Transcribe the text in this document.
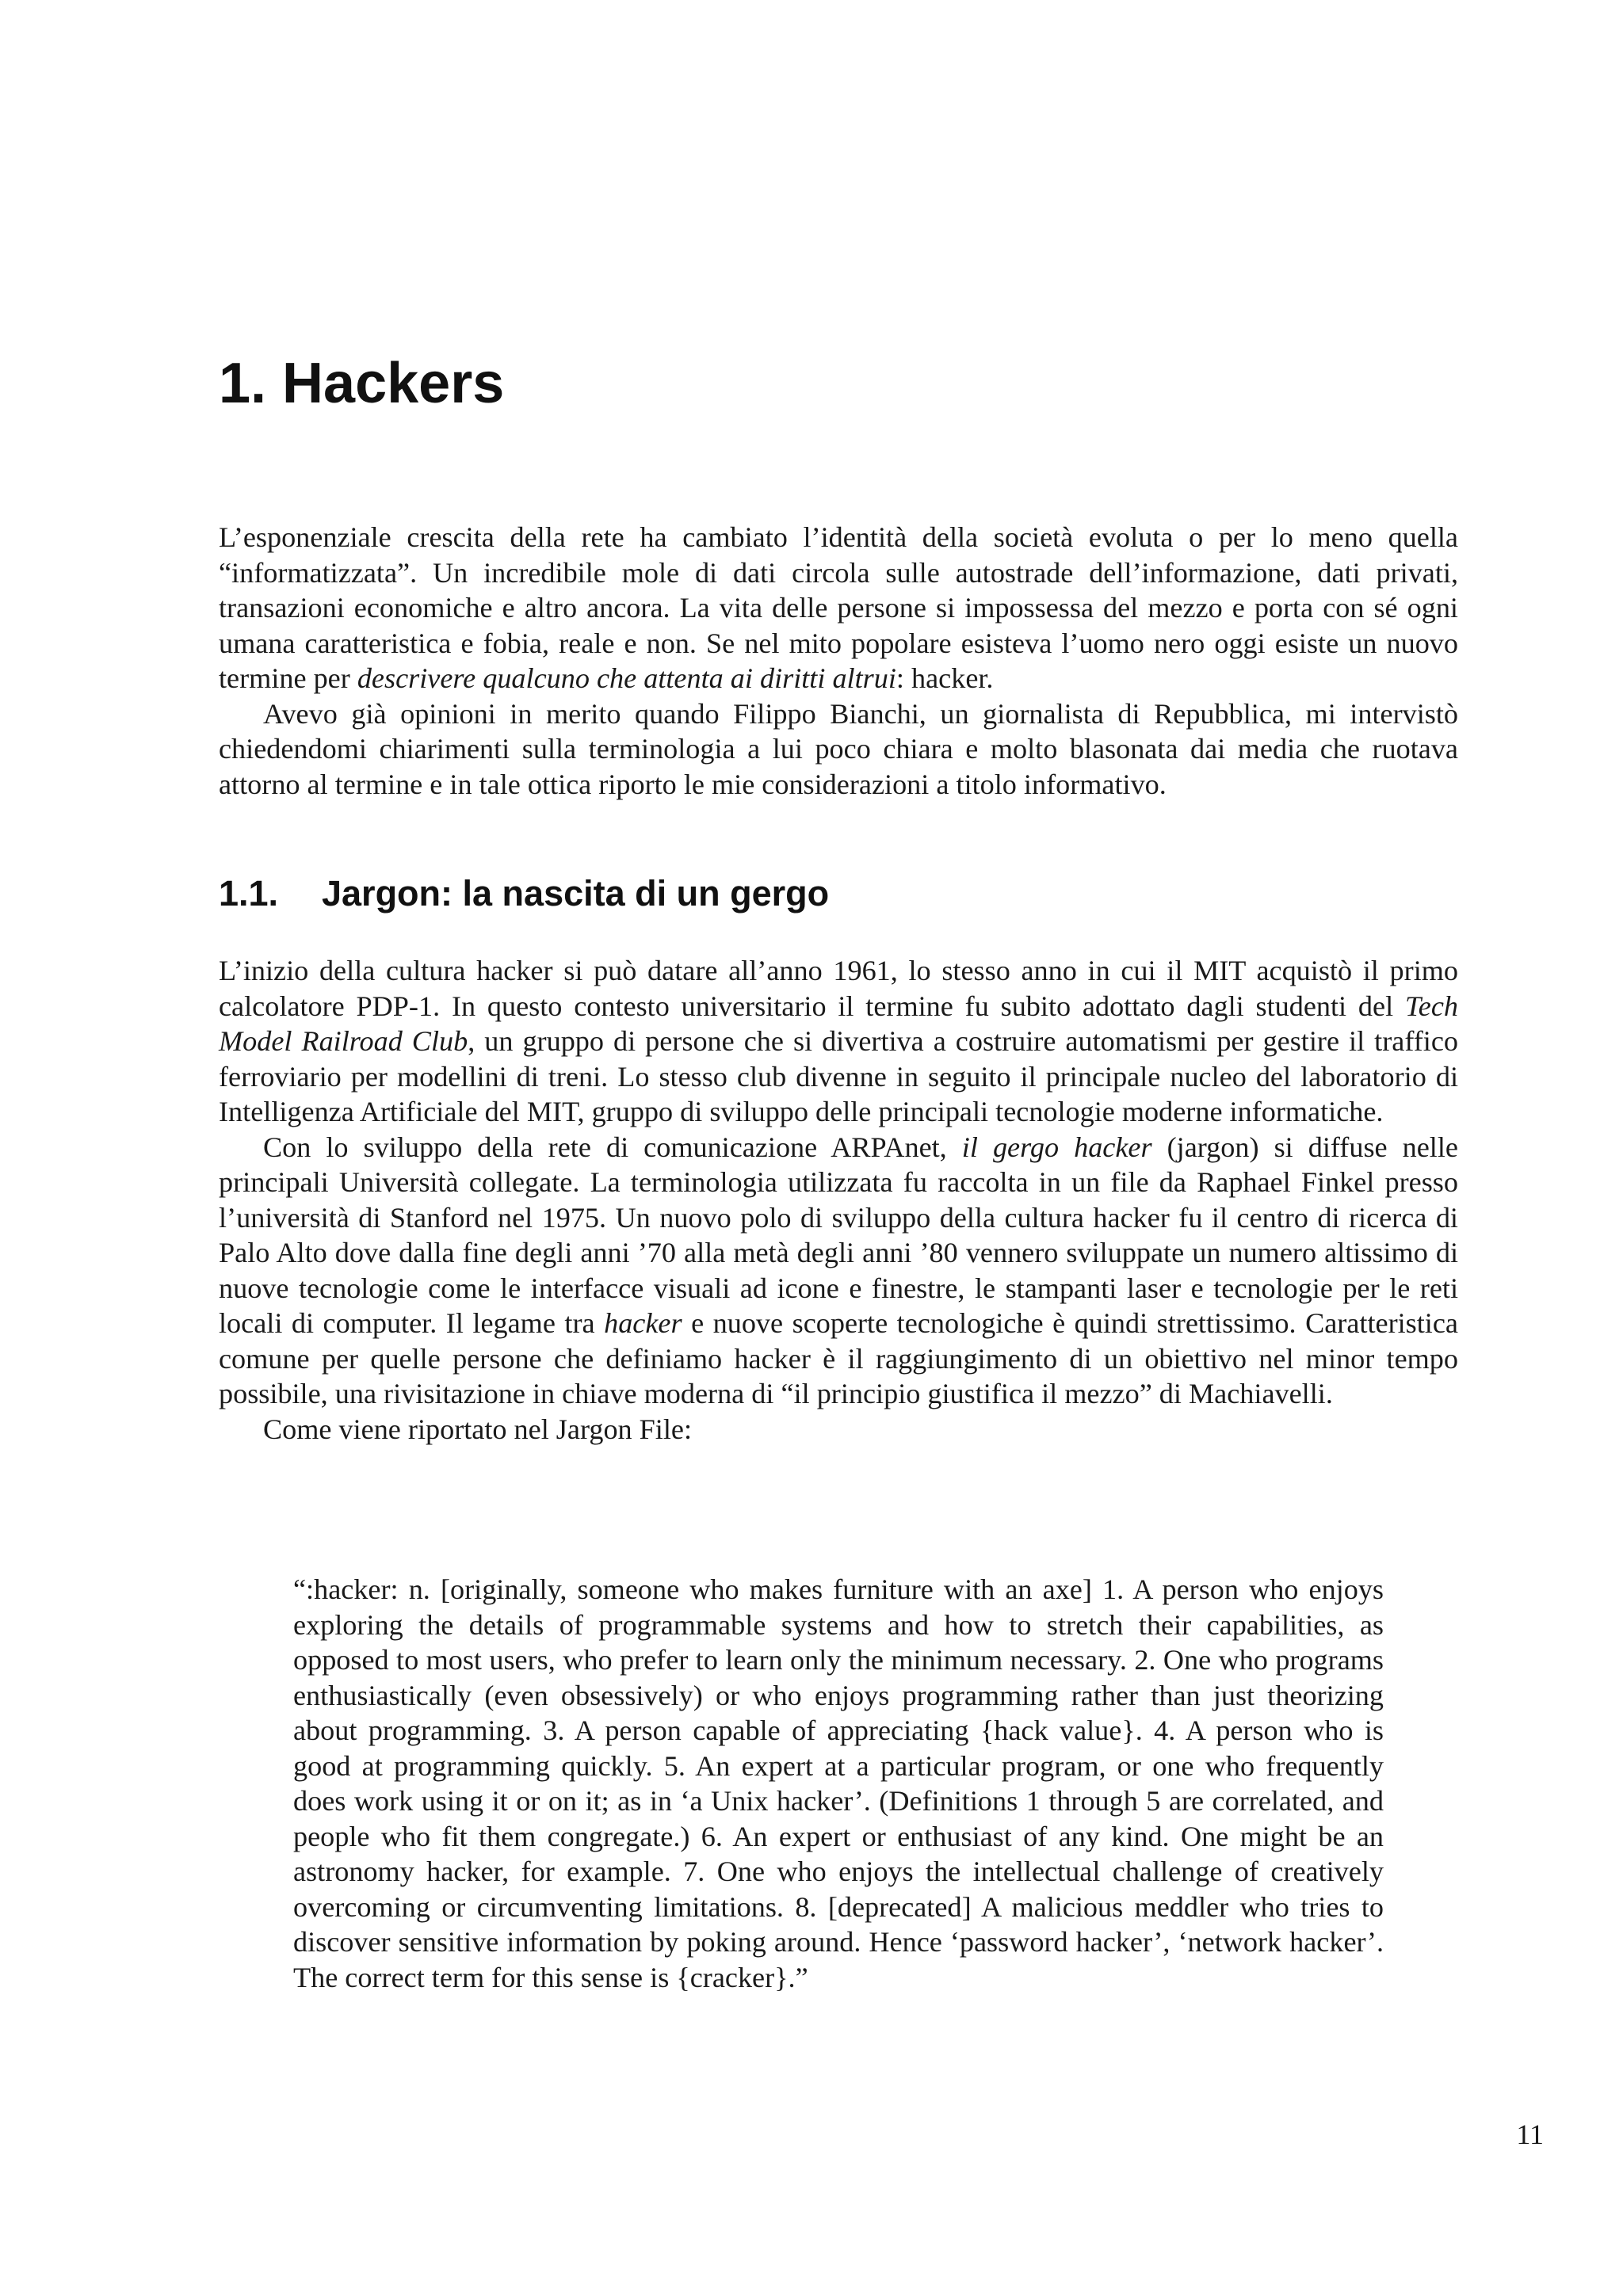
1. Hackers

L’esponenziale crescita della rete ha cambiato l’identità della società evoluta o per lo meno quella “informatizzata”. Un incredibile mole di dati circola sulle autostrade dell’informazione, dati privati, transazioni economiche e altro ancora. La vita delle persone si impossessa del mezzo e porta con sé ogni umana caratteristica e fobia, reale e non. Se nel mito popolare esisteva l’uomo nero oggi esiste un nuovo termine per descrivere qualcuno che attenta ai diritti altrui: hacker.

Avevo già opinioni in merito quando Filippo Bianchi, un giornalista di Repubblica, mi intervistò chiedendomi chiarimenti sulla terminologia a lui poco chiara e molto blasonata dai media che ruotava attorno al termine e in tale ottica riporto le mie considerazioni a titolo informativo.

1.1. Jargon: la nascita di un gergo

L’inizio della cultura hacker si può datare all’anno 1961, lo stesso anno in cui il MIT acquistò il primo calcolatore PDP-1. In questo contesto universitario il termine fu subito adottato dagli studenti del Tech Model Railroad Club, un gruppo di persone che si divertiva a costruire automatismi per gestire il traffico ferroviario per modellini di treni. Lo stesso club divenne in seguito il principale nucleo del laboratorio di Intelligenza Artificiale del MIT, gruppo di sviluppo delle principali tecnologie moderne informatiche.

Con lo sviluppo della rete di comunicazione ARPAnet, il gergo hacker (jargon) si diffuse nelle principali Università collegate. La terminologia utilizzata fu raccolta in un file da Raphael Finkel presso l’università di Stanford nel 1975. Un nuovo polo di sviluppo della cultura hacker fu il centro di ricerca di Palo Alto dove dalla fine degli anni ’70 alla metà degli anni ’80 vennero sviluppate un numero altissimo di nuove tecnologie come le interfacce visuali ad icone e finestre, le stampanti laser e tecnologie per le reti locali di computer. Il legame tra hacker e nuove scoperte tecnologiche è quindi strettissimo. Caratteristica comune per quelle persone che definiamo hacker è il raggiungimento di un obiettivo nel minor tempo possibile, una rivisitazione in chiave moderna di “il principio giustifica il mezzo” di Machiavelli.

Come viene riportato nel Jargon File:

“:hacker: n. [originally, someone who makes furniture with an axe] 1. A person who enjoys exploring the details of programmable systems and how to stretch their capabilities, as opposed to most users, who prefer to learn only the minimum necessary. 2. One who programs enthusiastically (even obsessively) or who enjoys programming rather than just theorizing about programming. 3. A person capable of appreciating {hack value}. 4. A person who is good at programming quickly. 5. An expert at a particular program, or one who frequently does work using it or on it; as in ‘a Unix hacker’. (Definitions 1 through 5 are correlated, and people who fit them congregate.) 6. An expert or enthusiast of any kind. One might be an astronomy hacker, for example. 7. One who enjoys the intellectual challenge of creatively overcoming or circumventing limitations. 8. [deprecated] A malicious meddler who tries to discover sensitive information by poking around. Hence ‘password hacker’, ‘network hacker’. The correct term for this sense is {cracker}.”
11
